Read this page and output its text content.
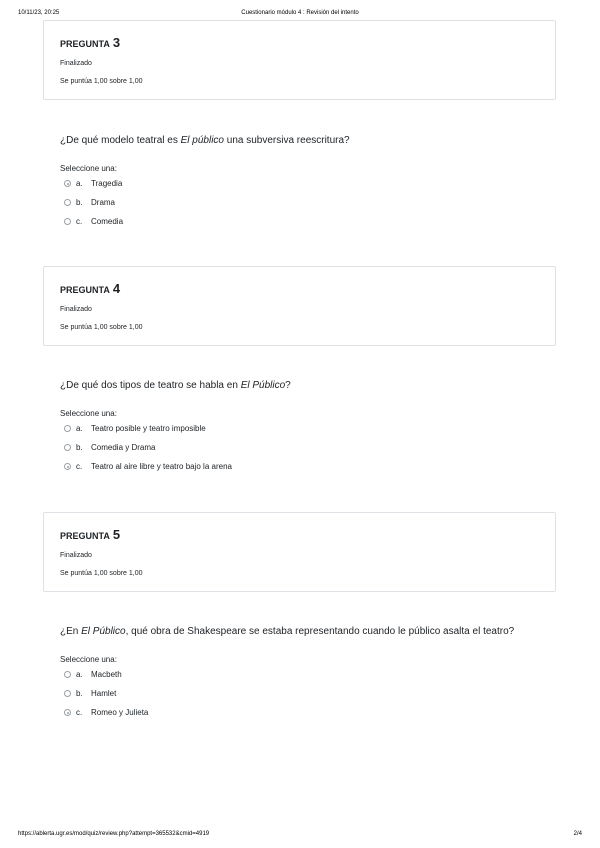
10/11/23, 20:25	Cuestionario módulo 4 : Revisión del intento
PREGUNTA 3
Finalizado
Se puntúa 1,00 sobre 1,00
¿De qué modelo teatral es El público una subversiva reescritura?
Seleccione una:
a. Tragedia
b. Drama
c. Comedia
PREGUNTA 4
Finalizado
Se puntúa 1,00 sobre 1,00
¿De qué dos tipos de teatro se habla en El Público?
Seleccione una:
a. Teatro posible y teatro imposible
b. Comedia y Drama
c. Teatro al aire libre y teatro bajo la arena
PREGUNTA 5
Finalizado
Se puntúa 1,00 sobre 1,00
¿En El Público, qué obra de Shakespeare se estaba representando cuando le público asalta el teatro?
Seleccione una:
a. Macbeth
b. Hamlet
c. Romeo y Julieta
https://ablerta.ugr.es/mod/quiz/review.php?attempt=365532&cmid=4919	2/4
